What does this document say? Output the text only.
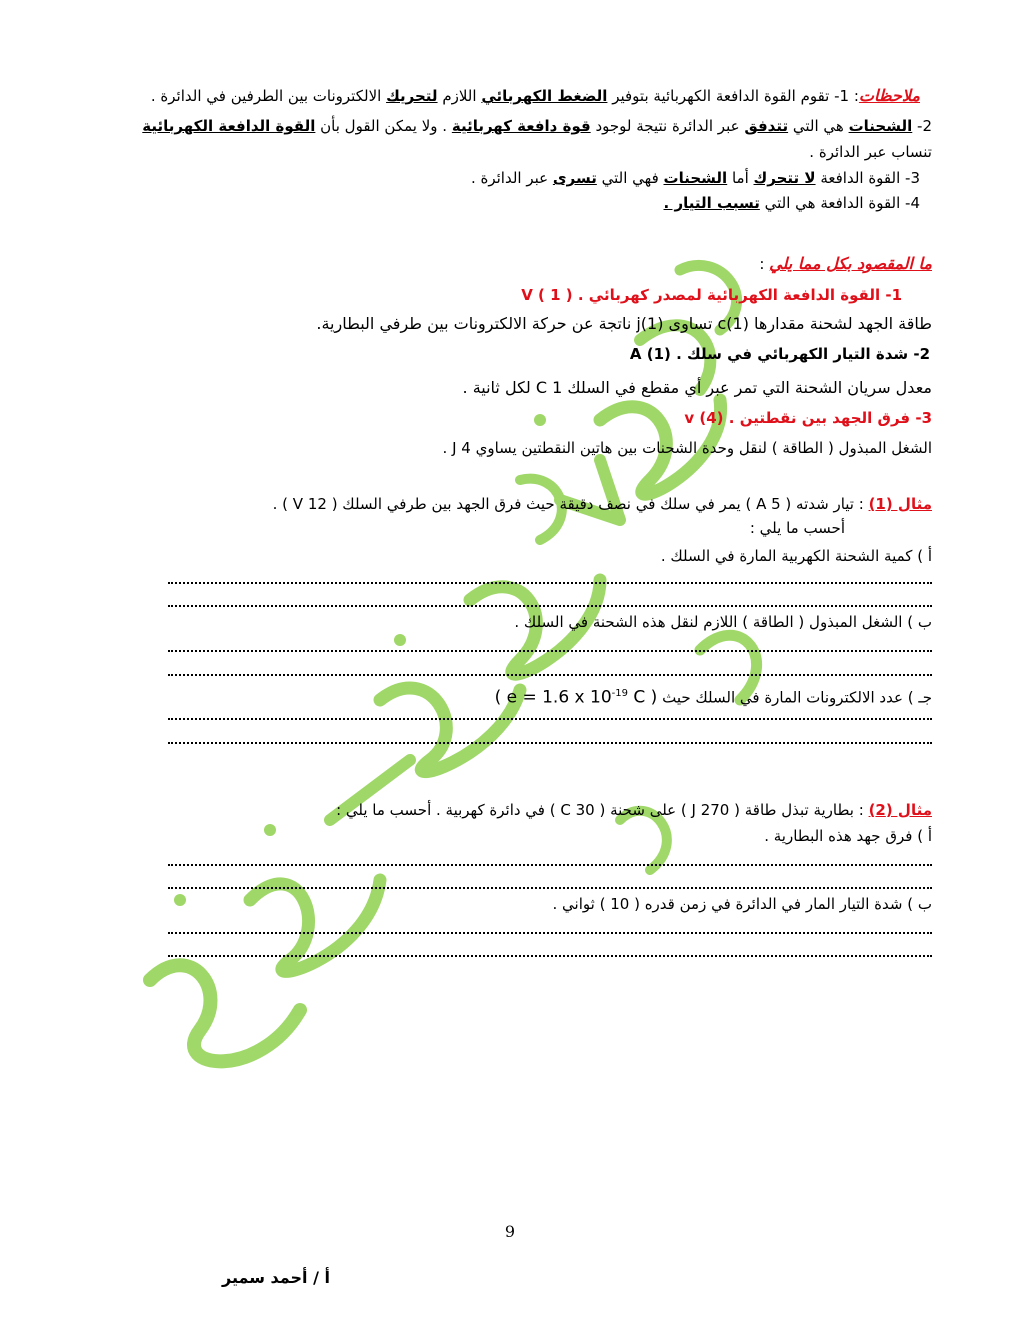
ملاحظات: 1- تقوم القوة الدافعة الكهربائية بتوفير الضغط الكهربائي اللازم لتحريك الالكترونات بين الطرفين في الدائرة .
2- الشحنات هي التي تتدفق عبر الدائرة نتيجة لوجود قوة دافعة كهربائية . ولا يمكن القول بأن القوة الدافعة الكهربائية
تنساب عبر الدائرة .
3- القوة الدافعة لا تتحرك أما الشحنات فهي التي تسرى عبر الدائرة .
4- القوة الدافعة هي التي تسبب التيار .
ما المقصود بكل مما يلي :
1- القوة الدافعة الكهربائية لمصدر كهربائي V ( 1 ) .
طاقة الجهد لشحنة مقدارها c(1) تساوى j(1) ناتجة عن حركة الالكترونات بين طرفي البطارية.
2- شدة التيار الكهربائي في سلك A (1) .
معدل سريان الشحنة التي تمر عبر أي مقطع في السلك 1 C لكل ثانية .
3- فرق الجهد بين نقطتين v (4) .
الشغل المبذول ( الطاقة ) لنقل وحدة الشحنات بين هاتين النقطتين يساوي J 4 .
مثال (1) : تيار شدته ( A 5 ) يمر في سلك في نصف دقيقة حيث فرق الجهد بين طرفي السلك ( V 12 ) .
أحسب ما يلي :
أ ) كمية الشحنة الكهربية المارة في السلك .
ب ) الشغل المبذول ( الطاقة ) اللازم لنقل هذه الشحنة في السلك .
جـ ) عدد الالكترونات المارة في السلك حيث ( e = 1.6 x $10^{-19}$ C )
مثال (2) : بطارية تبذل طاقة ( J 270 ) على شحنة ( C 30 ) في دائرة كهربية . أحسب ما يلي :
أ ) فرق جهد هذه البطارية .
ب ) شدة التيار المار في الدائرة في زمن قدره ( 10 ) ثواني .
9
أ / أحمد سمير
